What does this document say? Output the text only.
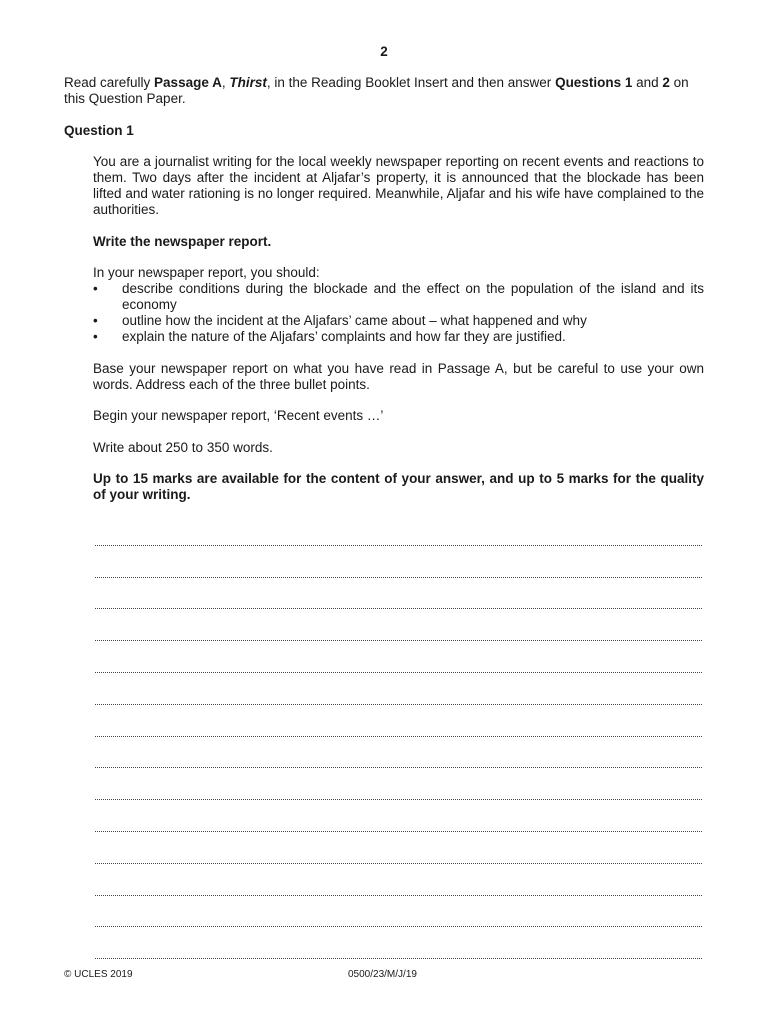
2
Read carefully Passage A, Thirst, in the Reading Booklet Insert and then answer Questions 1 and 2 on this Question Paper.
Question 1

You are a journalist writing for the local weekly newspaper reporting on recent events and reactions to them. Two days after the incident at Aljafar’s property, it is announced that the blockade has been lifted and water rationing is no longer required. Meanwhile, Aljafar and his wife have complained to the authorities.

Write the newspaper report.

In your newspaper report, you should:

• describe conditions during the blockade and the effect on the population of the island and its economy
• outline how the incident at the Aljafars’ came about – what happened and why
• explain the nature of the Aljafars’ complaints and how far they are justified.

Base your newspaper report on what you have read in Passage A, but be careful to use your own words. Address each of the three bullet points.

Begin your newspaper report, ‘Recent events …’

Write about 250 to 350 words.

Up to 15 marks are available for the content of your answer, and up to 5 marks for the quality of your writing.

© UCLES 2019	0500/23/M/J/19
